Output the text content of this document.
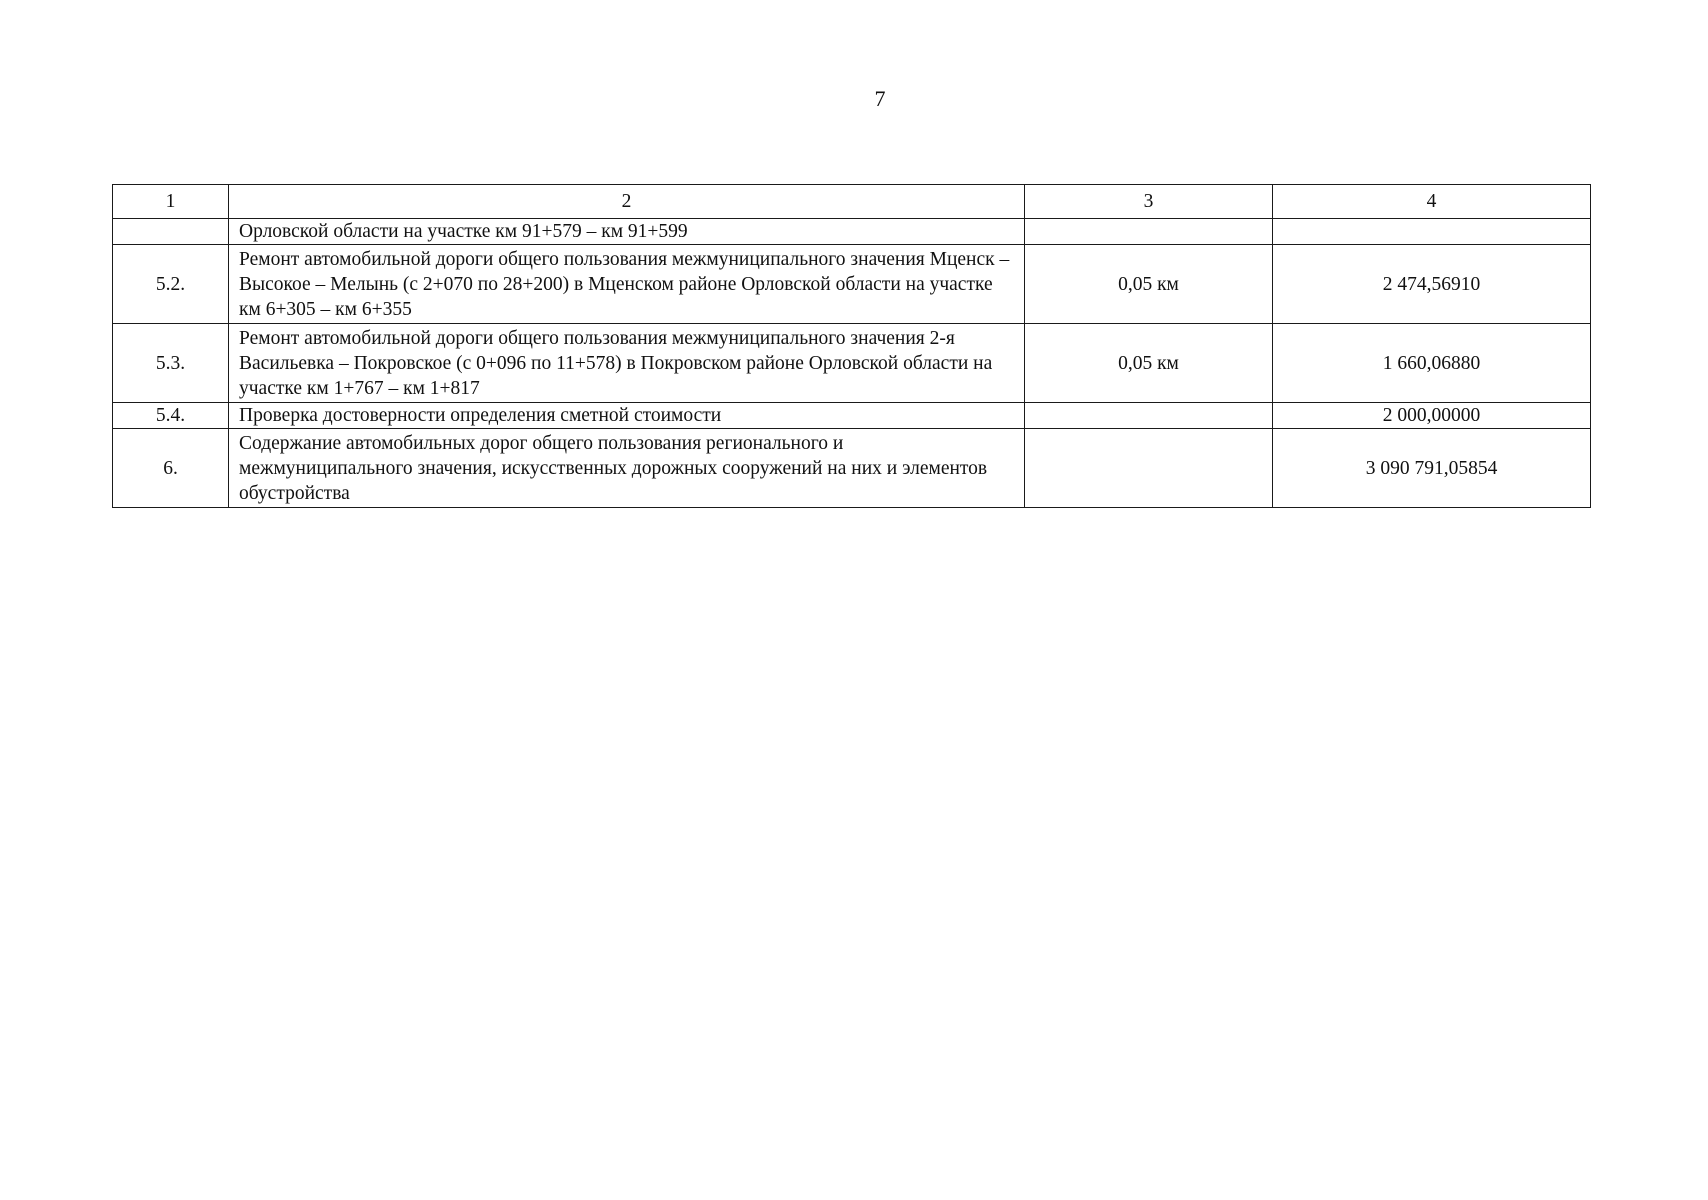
7
1	2	3	4
	Орловской области на участке км 91+579 – км 91+599		
5.2.	Ремонт автомобильной дороги общего пользования межмуниципального значения Мценск – Высокое – Мелынь (с 2+070 по 28+200) в Мценском районе Орловской области на участке км 6+305 – км 6+355	0,05 км	2 474,56910
5.3.	Ремонт автомобильной дороги общего пользования межмуниципального значения 2-я Васильевка – Покровское (с 0+096 по 11+578) в Покровском районе Орловской области на участке км 1+767 – км 1+817	0,05 км	1 660,06880
5.4.	Проверка достоверности определения сметной стоимости		2 000,00000
6.	Содержание автомобильных дорог общего пользования регионального и межмуниципального значения, искусственных дорожных сооружений на них и элементов обустройства		3 090 791,05854
